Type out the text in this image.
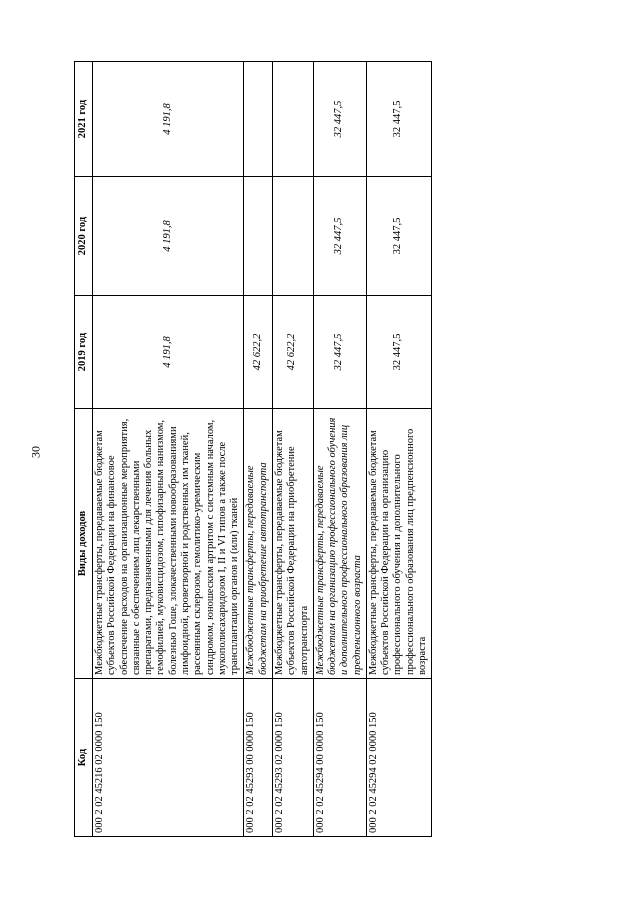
30
Код	Виды доходов	2019 год	2020 год	2021 год
000 2 02 45216 02 0000 150	Межбюджетные трансферты, передаваемые бюджетам субъектов Российской Федерации на финансовое обеспечение расходов на организационные мероприятия, связанные с обеспечением лиц лекарственными препаратами, предназначенными для лечения больных гемофилией, муковисцидозом, гипофизарным нанизмом, болезнью Гоше, злокачественными новообразованиями лимфоидной, кроветворной и родственных им тканей, рассеянным склерозом, гемолитико-уремическим синдромом, юношеским артритом с системным началом, мукополисахаридозом I, II и VI типов а также после трансплантации органов и (или) тканей	4 191,8	4 191,8	4 191,8
000 2 02 45293 00 0000 150	Межбюджетные трансферты, передаваемые бюджетам на приобретение автотранспорта	42 622,2		
000 2 02 45293 02 0000 150	Межбюджетные трансферты, передаваемые бюджетам субъектов Российской Федерации на приобретение автотранспорта	42 622,2		
000 2 02 45294 00 0000 150	Межбюджетные трансферты, передаваемые бюджетам на организацию профессионального обучения и дополнительного профессионального образования лиц предпенсионного возраста	32 447,5	32 447,5	32 447,5
000 2 02 45294 02 0000 150	Межбюджетные трансферты, передаваемые бюджетам субъектов Российской Федерации на организацию профессионального обучения и дополнительного профессионального образования лиц предпенсионного возраста	32 447,5	32 447,5	32 447,5
